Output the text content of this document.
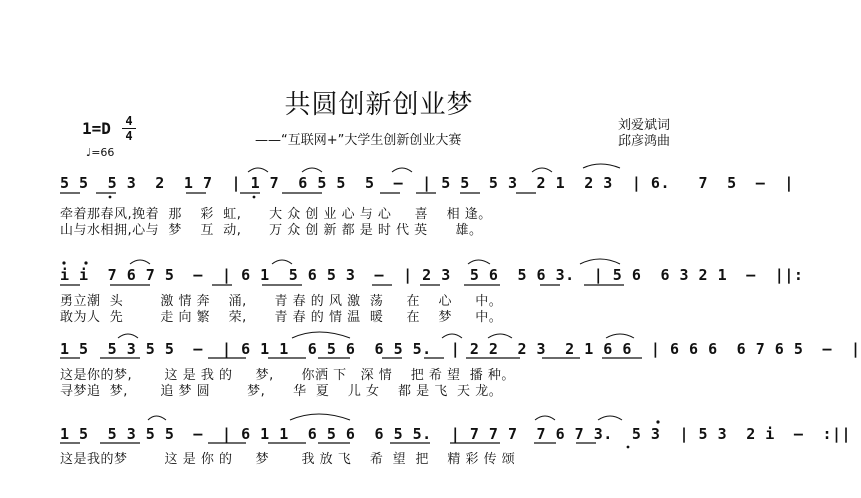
共圆创新创业梦
——“互联网+”大学生创新创业大赛
刘爱斌词
邱彦鸿曲
1=D 4
4
♩=66
5 5  5 3  2  1 7  | 1 7  6 5 5  5  –  | 5 5  5 3  2 1  2 3  | 6.   7  5  –  |
牵着那春风,挽着  那    彩  虹,      大 众 创 业 心 与 心     喜    相 逢。
山与水相拥,心与  梦    互  动,      万 众 创 新 都 是 时 代 英      雄。
i i  7 6 7 5  –  | 6 1  5 6 5 3  –  | 2 3  5 6  5 6 3.  | 5 6  6 3 2 1  –  ||:
勇立潮  头        激 情 奔    涌,      青 春 的 风 激  荡     在    心     中。
敢为人  先        走 向 繁    荣,      青 春 的 情 温  暖     在    梦     中。
1 5  5 3 5 5  –  | 6 1 1  6 5 6  6 5 5.  | 2 2  2 3  2 1 6 6  | 6 6 6  6 7 6 5  –  |
这是你的梦,       这 是 我 的     梦,      你洒 下   深 情    把 希 望  播 种。
寻梦追  梦,       追 梦 圆        梦,      华  夏    儿 女    都 是 飞  天 龙。
1 5  5 3 5 5  –  | 6 1 1  6 5 6  6 5 5.  | 7 7 7  7 6 7 3.  5 3  | 5 3  2 i  –  :||
这是我的梦        这 是 你 的     梦       我 放 飞    希  望  把    精 彩 传 颂
